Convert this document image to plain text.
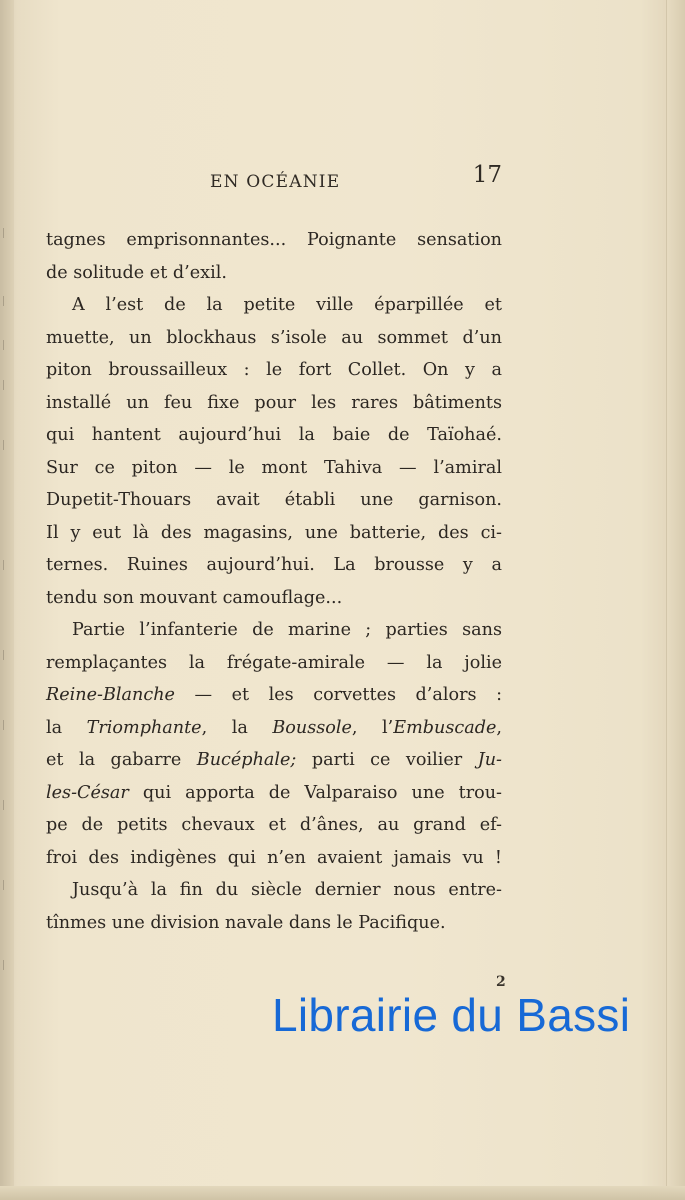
EN OCÉANIE	17

tagnes emprisonnantes... Poignante sensation

de solitude et d’exil.

A l’est de la petite ville éparpillée et

muette, un blockhaus s’isole au sommet d’un

piton broussailleux : le fort Collet. On y a

installé un feu fixe pour les rares bâtiments

qui hantent aujourd’hui la baie de Taïohaé.

Sur ce piton — le mont Tahiva — l’amiral

Dupetit-Thouars avait établi une garnison.

Il y eut là des magasins, une batterie, des ci-

ternes. Ruines aujourd’hui. La brousse y a

tendu son mouvant camouflage...

Partie l’infanterie de marine ; parties sans

remplaçantes la frégate-amirale — la jolie

Reine-Blanche — et les corvettes d’alors :

la Triomphante, la Boussole, l’Embuscade,

et la gabarre Bucéphale; parti ce voilier Ju-

les-César qui apporta de Valparaiso une trou-

pe de petits chevaux et d’ânes, au grand ef-

froi des indigènes qui n’en avaient jamais vu !

Jusqu’à la fin du siècle dernier nous entre-

tînmes une division navale dans le Pacifique.

2
Librairie du Bassi
